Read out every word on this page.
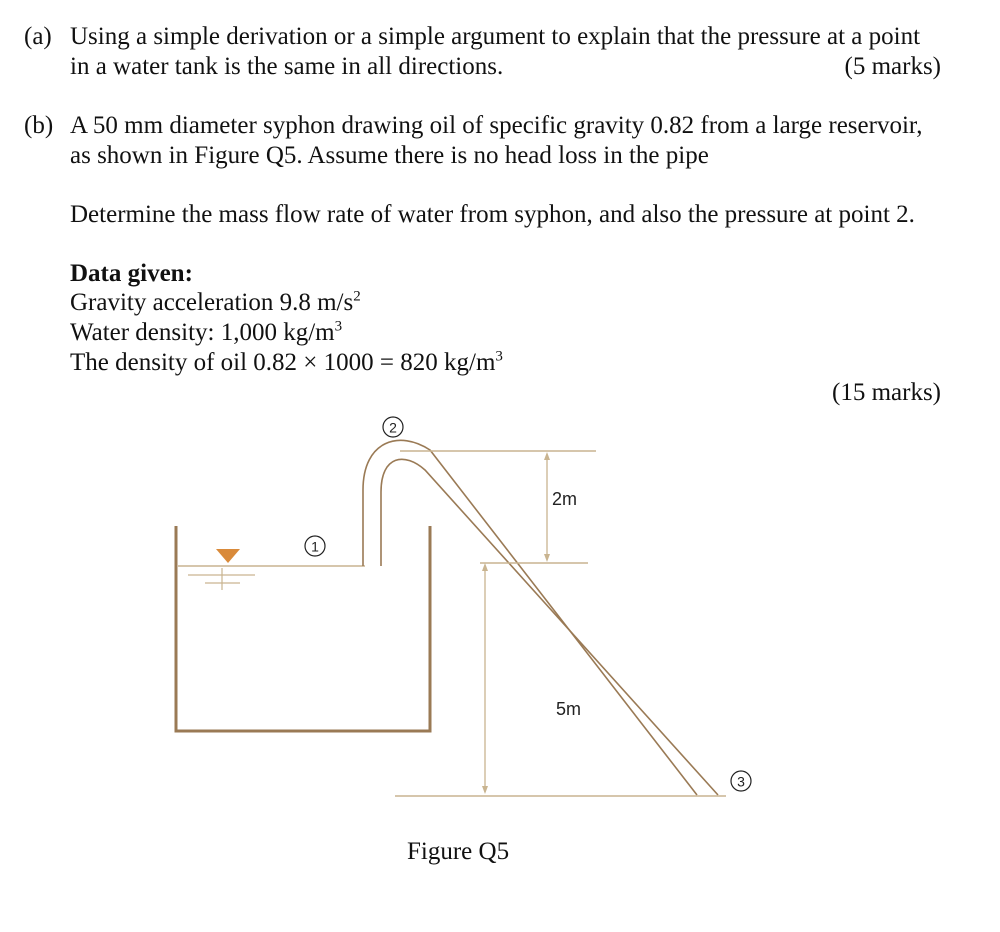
(a) Using a simple derivation or a simple argument to explain that the pressure at a point
in a water tank is the same in all directions.	(5 marks)
(b) A 50 mm diameter syphon drawing oil of specific gravity 0.82 from a large reservoir,
as shown in Figure Q5. Assume there is no head loss in the pipe
Determine the mass flow rate of water from syphon, and also the pressure at point 2.
Data given:
Gravity acceleration 9.8 $m/s^2$
Water density: 1,000 $kg/m^3$
The density of oil 0.82 × 1000 = 820 $kg/m^3$
(15 marks)
2m
5m
1
2
3
Figure Q5
